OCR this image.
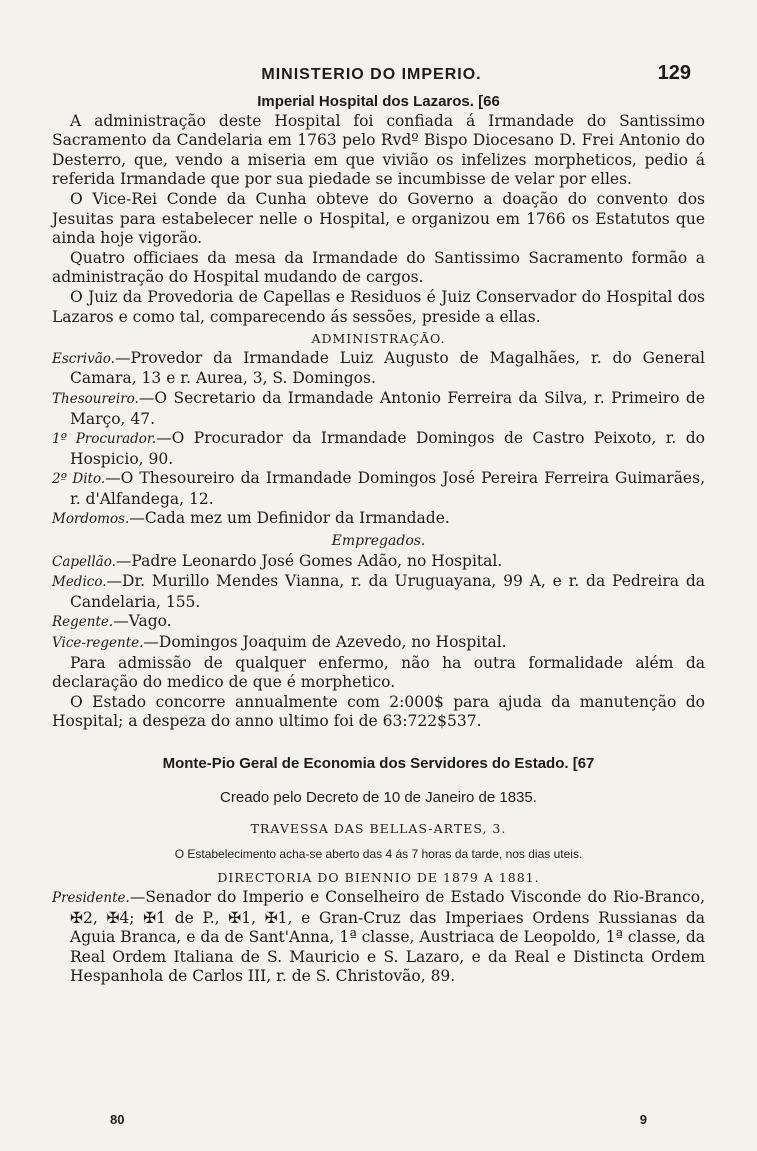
MINISTERIO DO IMPERIO.	129
Imperial Hospital dos Lazaros. [66

A administração deste Hospital foi confiada á Irmandade do Santissimo Sacramento da Candelaria em 1763 pelo Rvdº Bispo Diocesano D. Frei Antonio do Desterro, que, vendo a miseria em que vivião os infelizes morpheticos, pedio á referida Irmandade que por sua piedade se incumbisse de velar por elles.

O Vice-Rei Conde da Cunha obteve do Governo a doação do convento dos Jesuitas para estabelecer nelle o Hospital, e organizou em 1766 os Estatutos que ainda hoje vigorão.

Quatro officiaes da mesa da Irmandade do Santissimo Sacramento formão a administração do Hospital mudando de cargos.

O Juiz da Provedoria de Capellas e Residuos é Juiz Conservador do Hospital dos Lazaros e como tal, comparecendo ás sessões, preside a ellas.

ADMINISTRAÇÃO.

Escrivão.—Provedor da Irmandade Luiz Augusto de Magalhães, r. do General Camara, 13 e r. Aurea, 3, S. Domingos.

Thesoureiro.—O Secretario da Irmandade Antonio Ferreira da Silva, r. Primeiro de Março, 47.

1º Procurador.—O Procurador da Irmandade Domingos de Castro Peixoto, r. do Hospicio, 90.

2º Dito.—O Thesoureiro da Irmandade Domingos José Pereira Ferreira Guimarães, r. d'Alfandega, 12.

Mordomos.—Cada mez um Definidor da Irmandade.

Empregados.

Capellão.—Padre Leonardo José Gomes Adão, no Hospital.

Medico.—Dr. Murillo Mendes Vianna, r. da Uruguayana, 99 A, e r. da Pedreira da Candelaria, 155.

Regente.—Vago.

Vice-regente.—Domingos Joaquim de Azevedo, no Hospital.

Para admissão de qualquer enfermo, não ha outra formalidade além da declaração do medico de que é morphetico.

O Estado concorre annualmente com 2:000$ para ajuda da manutenção do Hospital; a despeza do anno ultimo foi de 63:722$537.

Monte-Pio Geral de Economia dos Servidores do Estado. [67
Creado pelo Decreto de 10 de Janeiro de 1835.
TRAVESSA DAS BELLAS-ARTES, 3.
O Estabelecimento acha-se aberto das 4 ás 7 horas da tarde, nos dias uteis.
DIRECTORIA DO BIENNIO DE 1879 A 1881.

Presidente.—Senador do Imperio e Conselheiro de Estado Visconde do Rio-Branco, ✠2, ✠4; ✠1 de P., ✠1, ✠1, e Gran-Cruz das Imperiaes Ordens Russianas da Aguia Branca, e da de Sant'Anna, 1ª classe, Austriaca de Leopoldo, 1ª classe, da Real Ordem Italiana de S. Mauricio e S. Lazaro, e da Real e Distincta Ordem Hespanhola de Carlos III, r. de S. Christovão, 89.

80	9
